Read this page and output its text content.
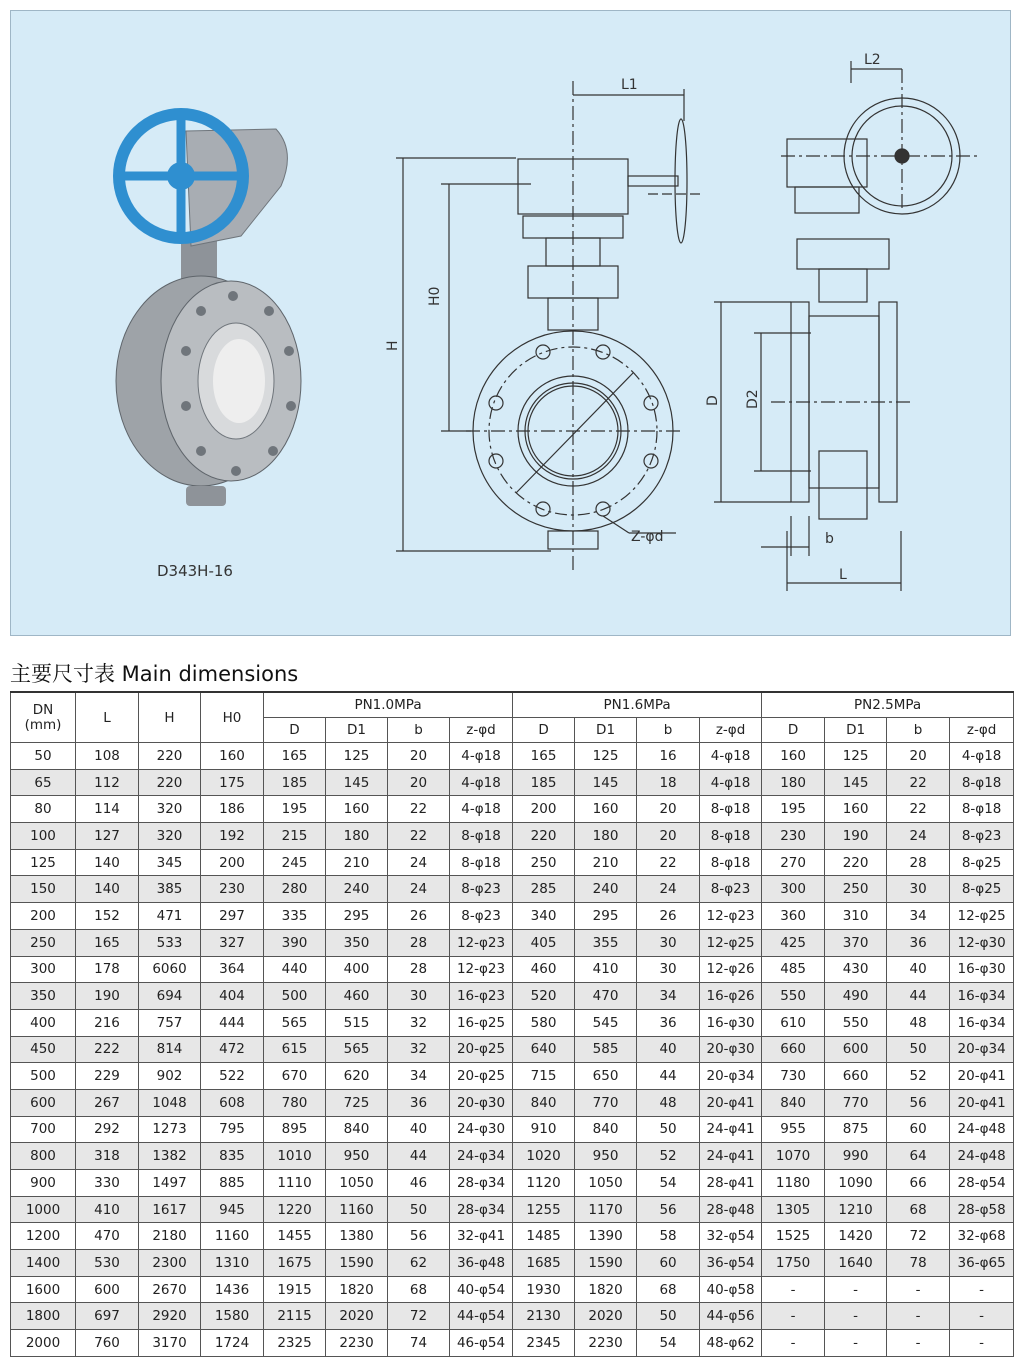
L1
L2
H
H0
D D2
Z-φd	b
L
D343H-16
主要尺寸表 Main dimensions
DN
(mm)	L	H	H0	PN1.0MPa				PN1.6MPa				PN2.5MPa			
				D	D1	b	z-φd	D	D1	b	z-φd	D	D1	b	z-φd
50	108	220	160	165	125	20	4-φ18	165	125	16	4-φ18	160	125	20	4-φ18
65	112	220	175	185	145	20	4-φ18	185	145	18	4-φ18	180	145	22	8-φ18
80	114	320	186	195	160	22	4-φ18	200	160	20	8-φ18	195	160	22	8-φ18
100	127	320	192	215	180	22	8-φ18	220	180	20	8-φ18	230	190	24	8-φ23
125	140	345	200	245	210	24	8-φ18	250	210	22	8-φ18	270	220	28	8-φ25
150	140	385	230	280	240	24	8-φ23	285	240	24	8-φ23	300	250	30	8-φ25
200	152	471	297	335	295	26	8-φ23	340	295	26	12-φ23	360	310	34	12-φ25
250	165	533	327	390	350	28	12-φ23	405	355	30	12-φ25	425	370	36	12-φ30
300	178	6060	364	440	400	28	12-φ23	460	410	30	12-φ26	485	430	40	16-φ30
350	190	694	404	500	460	30	16-φ23	520	470	34	16-φ26	550	490	44	16-φ34
400	216	757	444	565	515	32	16-φ25	580	545	36	16-φ30	610	550	48	16-φ34
450	222	814	472	615	565	32	20-φ25	640	585	40	20-φ30	660	600	50	20-φ34
500	229	902	522	670	620	34	20-φ25	715	650	44	20-φ34	730	660	52	20-φ41
600	267	1048	608	780	725	36	20-φ30	840	770	48	20-φ41	840	770	56	20-φ41
700	292	1273	795	895	840	40	24-φ30	910	840	50	24-φ41	955	875	60	24-φ48
800	318	1382	835	1010	950	44	24-φ34	1020	950	52	24-φ41	1070	990	64	24-φ48
900	330	1497	885	1110	1050	46	28-φ34	1120	1050	54	28-φ41	1180	1090	66	28-φ54
1000	410	1617	945	1220	1160	50	28-φ34	1255	1170	56	28-φ48	1305	1210	68	28-φ58
1200	470	2180	1160	1455	1380	56	32-φ41	1485	1390	58	32-φ54	1525	1420	72	32-φ68
1400	530	2300	1310	1675	1590	62	36-φ48	1685	1590	60	36-φ54	1750	1640	78	36-φ65
1600	600	2670	1436	1915	1820	68	40-φ54	1930	1820	68	40-φ58	-	-	-	-
1800	697	2920	1580	2115	2020	72	44-φ54	2130	2020	50	44-φ56	-	-	-	-
2000	760	3170	1724	2325	2230	74	46-φ54	2345	2230	54	48-φ62	-	-	-	-
